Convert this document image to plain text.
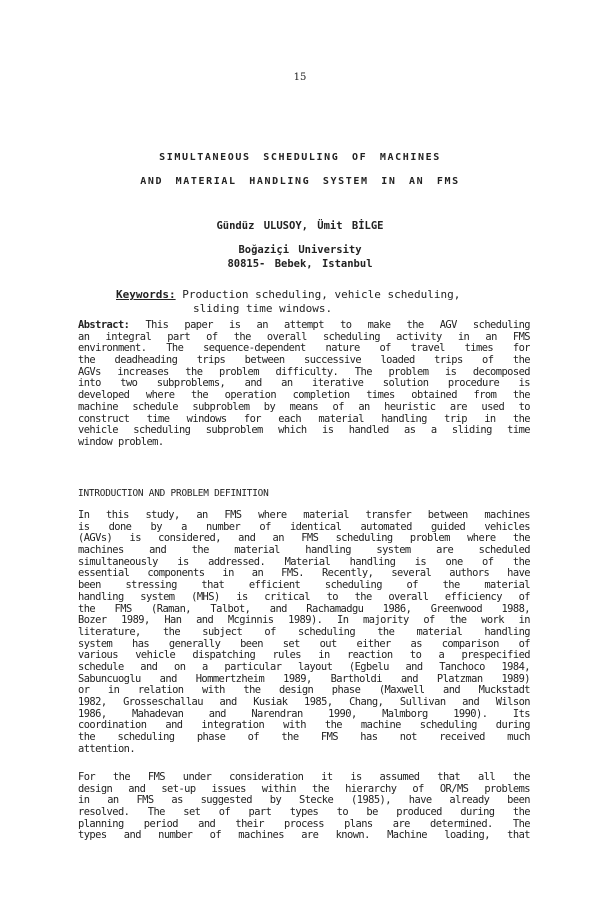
15
SIMULTANEOUS SCHEDULING OF MACHINES
AND MATERIAL HANDLING SYSTEM IN AN FMS
Gündüz ULUSOY, Ümit BİLGE
Boğaziçi University
80815- Bebek, Istanbul
Keywords: Production scheduling, vehicle scheduling,
sliding time windows.
Abstract: This paper is an attempt to make the AGV scheduling
an integral part of the overall scheduling activity in an FMS
environment. The sequence-dependent nature of travel times for
the deadheading trips between successive loaded trips of the
AGVs increases the problem difficulty. The problem is decomposed
into two subproblems, and an iterative solution procedure is
developed where the operation completion times obtained from the
machine schedule subproblem by means of an heuristic are used to
construct time windows for each material handling trip in the
vehicle scheduling subproblem which is handled as a sliding time
window problem.
INTRODUCTION AND PROBLEM DEFINITION
In this study, an FMS where material transfer between machines
is done by a number of identical automated guided vehicles
(AGVs) is considered, and an FMS scheduling problem where the
machines and the material handling system are scheduled
simultaneously is addressed. Material handling is one of the
essential components in an FMS. Recently, several authors have
been stressing that efficient scheduling of the material
handling system (MHS) is critical to the overall efficiency of
the FMS (Raman, Talbot, and Rachamadgu 1986, Greenwood 1988,
Bozer 1989, Han and Mcginnis 1989). In majority of the work in
literature, the subject of scheduling the material handling
system has generally been set out either as comparison of
various vehicle dispatching rules in reaction to a prespecified
schedule and on a particular layout (Egbelu and Tanchoco 1984,
Sabuncuoglu and Hommertzheim 1989, Bartholdi and Platzman 1989)
or in relation with the design phase (Maxwell and Muckstadt
1982, Grosseschallau and Kusiak 1985, Chang, Sullivan and Wilson
1986, Mahadevan and Narendran 1990, Malmborg 1990). Its
coordination and integration with the machine scheduling during
the scheduling phase of the FMS has not received much
attention.
For the FMS under consideration it is assumed that all the
design and set-up issues within the hierarchy of OR/MS problems
in an FMS as suggested by Stecke (1985), have already been
resolved. The set of part types to be produced during the
planning period and their process plans are determined. The
types and number of machines are known. Machine loading, that
